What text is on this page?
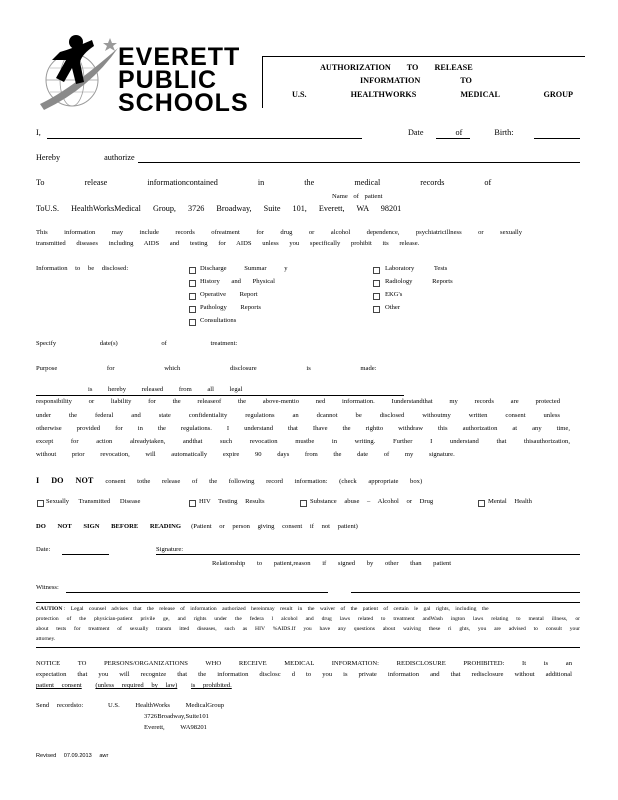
EVERETT
PUBLIC
SCHOOLS
AUTHORIZATION TO RELEASE
INFORMATION TO
U.S. HEALTHWORKS MEDICAL GROUP
I,	Date of Birth:
Hereby authorize
To release informationcontained in the medical records of
Name of patient
ToU.S. HealthWorksMedical Group, 3726 Broadway, Suite 101, Everett, WA 98201
This information may include records ofreatment for drug or alcohol dependence, psychiatricillness or sexually
transmitted diseases including AIDS and testing for AIDS unless you specifically prohibit its release.
Information to be disclosed:	Discharge Summar y
History and Physical
Operative Report
Pathology Reports
Consultations
Laboratory Tests
Radiology Reports
EKG's
Other
Specify date(s) of treatment:
Purpose for which disclosure is made:
is hereby released from all legal
responsibility or liability for the releaseof the above-mentio ned information. Iunderstandthat my records are protected
under the federal and state confidentiality regulations an dcannot be disclosed withoutmy written consent unless
otherwise provided for in the regulations. I understand that Ihave the rightto withdraw this authorization at any time,
except for action alreadytaken, andthat such revocation mustbe in writing. Further I understand that thisauthorization,
without prior revocation, will automatically expire 90 days from the date of my signature.
I DO NOT consent tothe release of the following record information: (check appropriate box)
Sexually Transmitted Disease	HIV Testing Results	Substance abuse – Alcohol or Drug	Mental Health
DO NOT SIGN BEFORE READING (Patient or person giving consent if not patient)
Date:	Signature:
Relationship to patient,reason if signed by other than patient
Witness:
CAUTION : Legal counsel advises that the release of information authorized hereinmay result in the waiver of the patient of certain le gal rights, including the
protection of the physician-patient privile ge, and rights under the federa l alcohol and drug laws related to treatment andWash ington laws relating to mental illness, or
about tests for treatment of sexually transm itted diseases, such as HIV %AIDS.If you have any questions about waiving these ri ghts, you are advised to consult your
attorney.
NOTICE TO PERSONS/ORGANIZATIONS WHO RECEIVE MEDICAL INFORMATION: REDISCLOSURE PROHIBITED: It is an
expectation that you will recognize that the information disclosc d to you is private information and that redisclosure without additional
patient consent (unless required by law) is prohibited.
Send recordsto:	U.S. HealthWorks MedicalGroup
3726Broadway,Suite101
Everett, WA98201
Revised 07.09.2013 awr
